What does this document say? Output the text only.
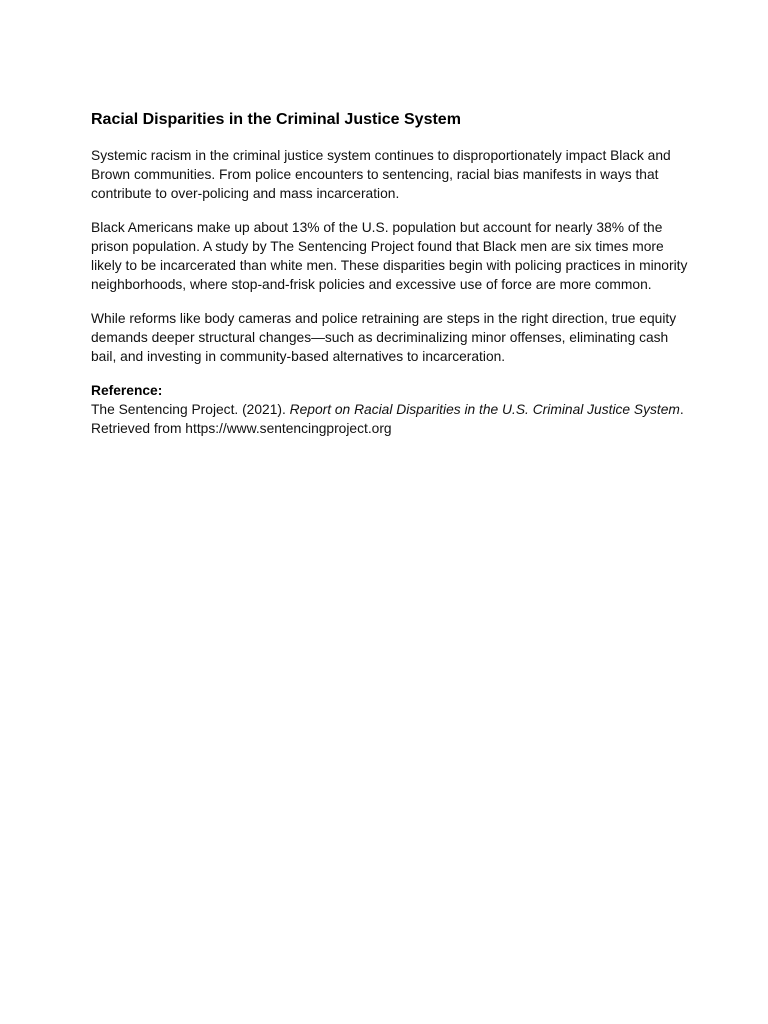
Racial Disparities in the Criminal Justice System

Systemic racism in the criminal justice system continues to disproportionately impact Black and Brown communities. From police encounters to sentencing, racial bias manifests in ways that contribute to over-policing and mass incarceration.

Black Americans make up about 13% of the U.S. population but account for nearly 38% of the prison population. A study by The Sentencing Project found that Black men are six times more likely to be incarcerated than white men. These disparities begin with policing practices in minority neighborhoods, where stop-and-frisk policies and excessive use of force are more common.

While reforms like body cameras and police retraining are steps in the right direction, true equity demands deeper structural changes—such as decriminalizing minor offenses, eliminating cash bail, and investing in community-based alternatives to incarceration.

Reference:

The Sentencing Project. (2021). Report on Racial Disparities in the U.S. Criminal Justice System. Retrieved from https://www.sentencingproject.org
